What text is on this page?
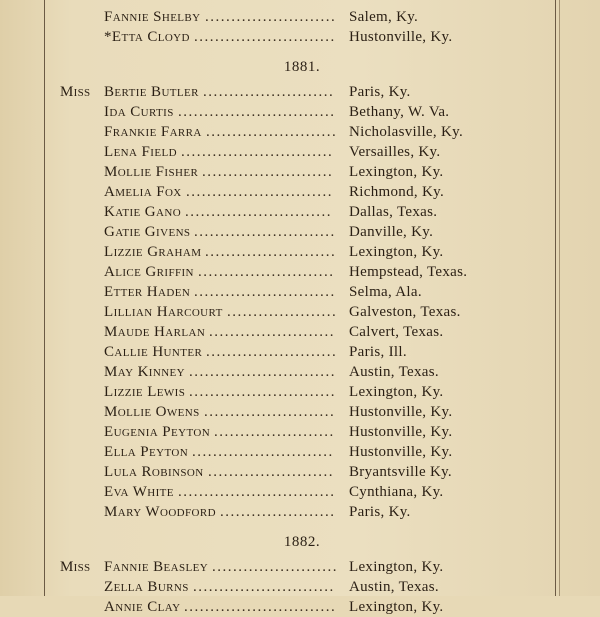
Fannie Shelby ......................... Salem, Ky.
*Etta Cloyd ........................... Hustonville, Ky.
1881.
Miss Bertie Butler ......................... Paris, Ky.
Ida Curtis .............................. Bethany, W. Va.
Frankie Farra ......................... Nicholasville, Ky.
Lena Field .............................	Versailles, Ky.
Mollie Fisher .........................	Lexington, Ky.
Amelia Fox ............................	Richmond, Ky.
Katie Gano ............................	Dallas, Texas.
Gatie Givens ........................... Danville, Ky.
Lizzie Graham ......................... Lexington, Ky.
Alice Griffin .......................... Hempstead, Texas.
Etter Haden ........................... Selma, Ala.
Lillian Harcourt ..................... Galveston, Texas.
Maude Harlan ........................ Calvert, Texas.
Callie Hunter ......................... Paris, Ill.
May Kinney ............................ Austin, Texas.
Lizzie Lewis ............................ Lexington, Ky.
Mollie Owens ......................... Hustonville, Ky.
Eugenia Peyton ....................... Hustonville, Ky.
Ella Peyton ...........................	Hustonville, Ky.
Lula Robinson ........................	Bryantsville Ky.
Eva White .............................. Cynthiana, Ky.
Mary Woodford ...................... Paris, Ky.
1882.
Miss Fannie Beasley ........................ Lexington, Ky.
Zella Burns ........................... Austin, Texas.
Annie Clay ............................. Lexington, Ky.
